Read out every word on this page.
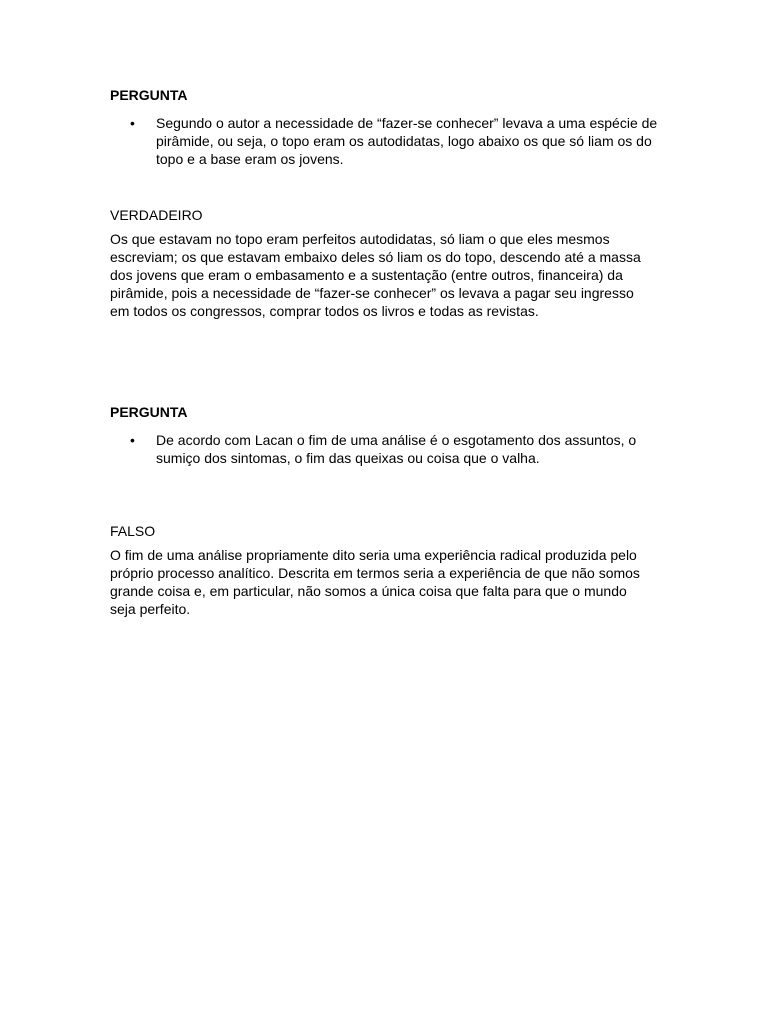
PERGUNTA

• Segundo o autor a necessidade de “fazer-se conhecer” levava a uma espécie de pirâmide, ou seja, o topo eram os autodidatas, logo abaixo os que só liam os do topo e a base eram os jovens.

VERDADEIRO

Os que estavam no topo eram perfeitos autodidatas, só liam o que eles mesmos escreviam; os que estavam embaixo deles só liam os do topo, descendo até a massa dos jovens que eram o embasamento e a sustentação (entre outros, financeira) da pirâmide, pois a necessidade de “fazer-se conhecer” os levava a pagar seu ingresso em todos os congressos, comprar todos os livros e todas as revistas.

PERGUNTA

• De acordo com Lacan o fim de uma análise é o esgotamento dos assuntos, o sumiço dos sintomas, o fim das queixas ou coisa que o valha.

FALSO

O fim de uma análise propriamente dito seria uma experiência radical produzida pelo próprio processo analítico. Descrita em termos seria a experiência de que não somos grande coisa e, em particular, não somos a única coisa que falta para que o mundo seja perfeito.
